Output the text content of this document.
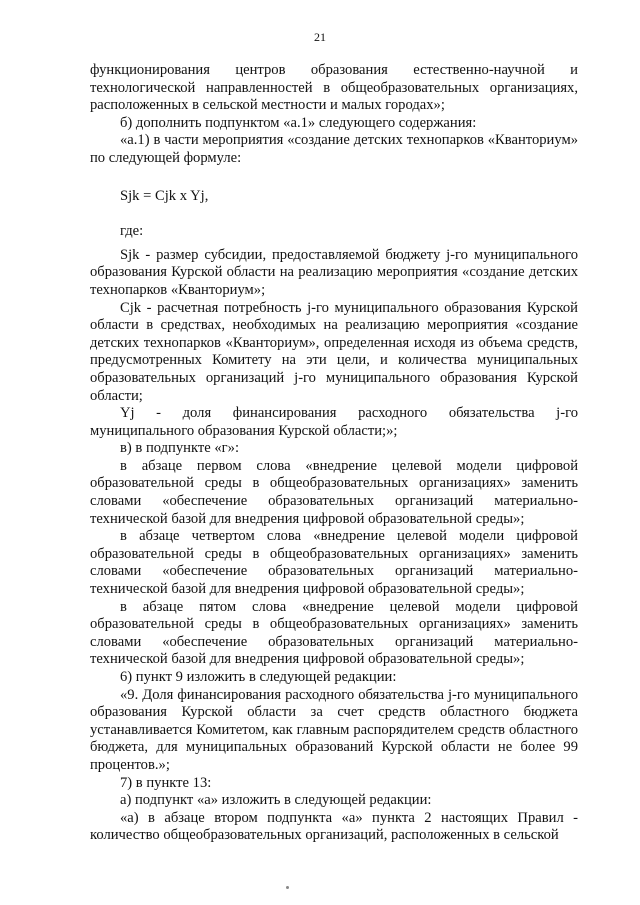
21

функционирования центров образования естественно-научной и технологической направленностей в общеобразовательных организациях, расположенных в сельской местности и малых городах»;

б) дополнить подпунктом «а.1» следующего содержания:

«а.1) в части мероприятия «создание детских технопарков «Кванториум» по следующей формуле:

Sjk = Cjk x Yj,

где:

Sjk - размер субсидии, предоставляемой бюджету j-го муниципального образования Курской области на реализацию мероприятия «создание детских технопарков «Кванториум»;

Cjk - расчетная потребность j-го муниципального образования Курской области в средствах, необходимых на реализацию мероприятия «создание детских технопарков «Кванториум», определенная исходя из объема средств, предусмотренных Комитету на эти цели, и количества муниципальных образовательных организаций j-го муниципального образования Курской области;

Yj - доля финансирования расходного обязательства j-го муниципального образования Курской области;»;

в) в подпункте «г»:

в абзаце первом слова «внедрение целевой модели цифровой образовательной среды в общеобразовательных организациях» заменить словами «обеспечение образовательных организаций материально-технической базой для внедрения цифровой образовательной среды»;

в абзаце четвертом слова «внедрение целевой модели цифровой образовательной среды в общеобразовательных организациях» заменить словами «обеспечение образовательных организаций материально-технической базой для внедрения цифровой образовательной среды»;

в абзаце пятом слова «внедрение целевой модели цифровой образовательной среды в общеобразовательных организациях» заменить словами «обеспечение образовательных организаций материально-технической базой для внедрения цифровой образовательной среды»;

6) пункт 9 изложить в следующей редакции:

«9. Доля финансирования расходного обязательства j-го муниципального образования Курской области за счет средств областного бюджета устанавливается Комитетом, как главным распорядителем средств областного бюджета, для муниципальных образований Курской области не более 99 процентов.»;

7) в пункте 13:

а) подпункт «а» изложить в следующей редакции:

«а) в абзаце втором подпункта «а» пункта 2 настоящих Правил - количество общеобразовательных организаций, расположенных в сельской
